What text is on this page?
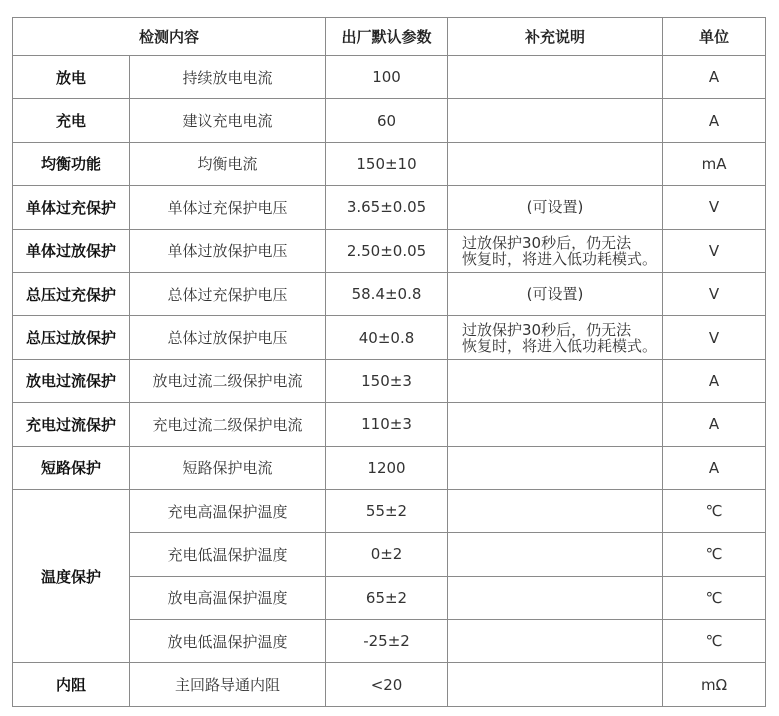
检测内容		出厂默认参数	补充说明	单位
放电	持续放电电流	100		A
充电	建议充电电流	60		A
均衡功能	均衡电流	150±10		mA
单体过充保护	单体过充保护电压	3.65±0.05	(可设置)	V
单体过放保护	单体过放保护电压	2.50±0.05	过放保护30秒后，仍无法
恢复时，将进入低功耗模式。	V
总压过充保护	总体过充保护电压	58.4±0.8	(可设置)	V
总压过放保护	总体过放保护电压	40±0.8	过放保护30秒后，仍无法
恢复时，将进入低功耗模式。	V
放电过流保护	放电过流二级保护电流	150±3		A
充电过流保护	充电过流二级保护电流	110±3		A
短路保护	短路保护电流	1200		A
温度保护	充电高温保护温度	55±2		℃
	充电低温保护温度	0±2		℃
	放电高温保护温度	65±2		℃
	放电低温保护温度	-25±2		℃
内阻	主回路导通内阻	<20		mΩ
